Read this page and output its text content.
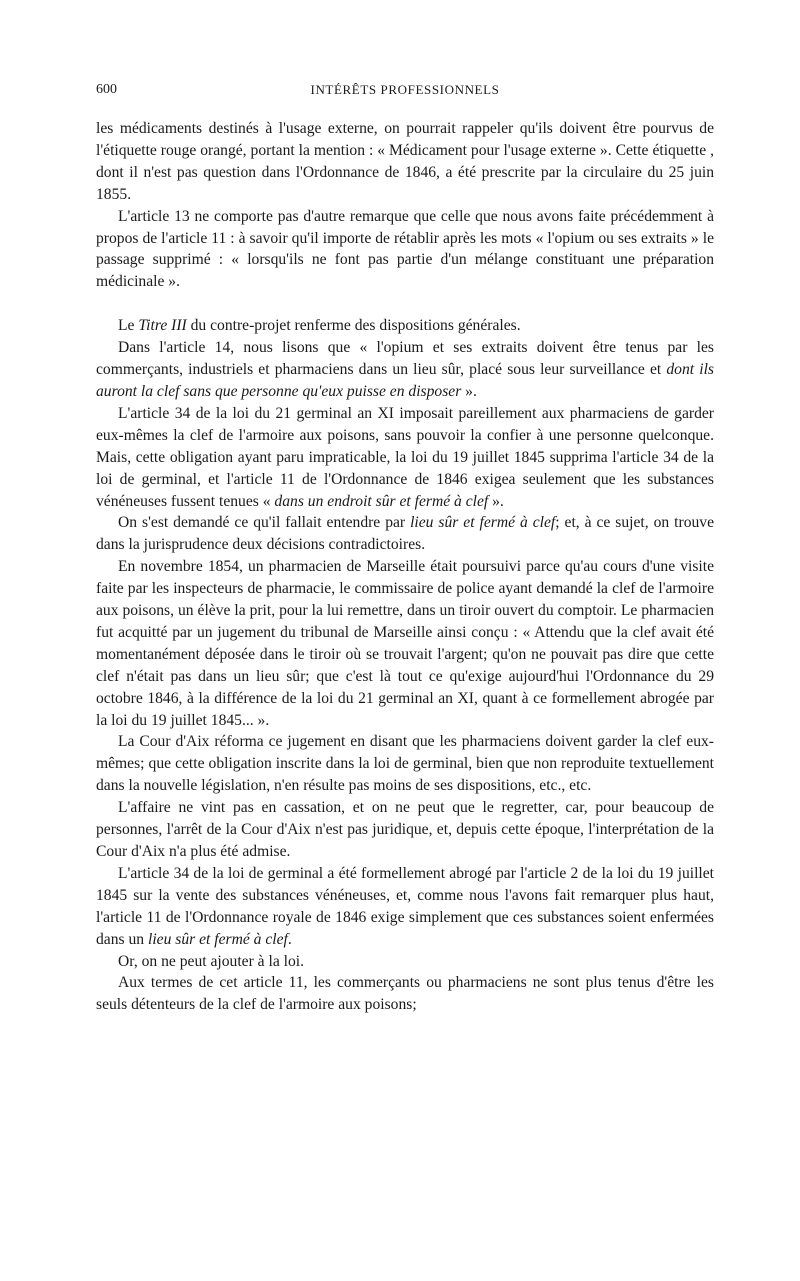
600	INTÉRÊTS PROFESSIONNELS

les médicaments destinés à l'usage externe, on pourrait rappeler qu'ils doivent être pourvus de l'étiquette rouge orangé, portant la mention : « Médicament pour l'usage externe ». Cette étiquette , dont il n'est pas question dans l'Ordonnance de 1846, a été prescrite par la circulaire du 25 juin 1855.

L'article 13 ne comporte pas d'autre remarque que celle que nous avons faite précédemment à propos de l'article 11 : à savoir qu'il importe de rétablir après les mots « l'opium ou ses extraits » le passage supprimé : « lorsqu'ils ne font pas partie d'un mélange constituant une préparation médicinale ».

Le Titre III du contre-projet renferme des dispositions générales.

Dans l'article 14, nous lisons que « l'opium et ses extraits doivent être tenus par les commerçants, industriels et pharmaciens dans un lieu sûr, placé sous leur surveillance et dont ils auront la clef sans que personne qu'eux puisse en disposer ».

L'article 34 de la loi du 21 germinal an XI imposait pareillement aux pharmaciens de garder eux-mêmes la clef de l'armoire aux poisons, sans pouvoir la confier à une personne quelconque. Mais, cette obligation ayant paru impraticable, la loi du 19 juillet 1845 supprima l'article 34 de la loi de germinal, et l'article 11 de l'Ordonnance de 1846 exigea seulement que les substances vénéneuses fussent tenues « dans un endroit sûr et fermé à clef ».

On s'est demandé ce qu'il fallait entendre par lieu sûr et fermé à clef; et, à ce sujet, on trouve dans la jurisprudence deux décisions contradictoires.

En novembre 1854, un pharmacien de Marseille était poursuivi parce qu'au cours d'une visite faite par les inspecteurs de pharmacie, le commissaire de police ayant demandé la clef de l'armoire aux poisons, un élève la prit, pour la lui remettre, dans un tiroir ouvert du comptoir. Le pharmacien fut acquitté par un jugement du tribunal de Marseille ainsi conçu : « Attendu que la clef avait été momentanément déposée dans le tiroir où se trouvait l'argent; qu'on ne pouvait pas dire que cette clef n'était pas dans un lieu sûr; que c'est là tout ce qu'exige aujourd'hui l'Ordonnance du 29 octobre 1846, à la différence de la loi du 21 germinal an XI, quant à ce formellement abrogée par la loi du 19 juillet 1845... ».

La Cour d'Aix réforma ce jugement en disant que les pharmaciens doivent garder la clef eux-mêmes; que cette obligation inscrite dans la loi de germinal, bien que non reproduite textuellement dans la nouvelle législation, n'en résulte pas moins de ses dispositions, etc., etc.

L'affaire ne vint pas en cassation, et on ne peut que le regretter, car, pour beaucoup de personnes, l'arrêt de la Cour d'Aix n'est pas juridique, et, depuis cette époque, l'interprétation de la Cour d'Aix n'a plus été admise.

L'article 34 de la loi de germinal a été formellement abrogé par l'article 2 de la loi du 19 juillet 1845 sur la vente des substances vénéneuses, et, comme nous l'avons fait remarquer plus haut, l'article 11 de l'Ordonnance royale de 1846 exige simplement que ces substances soient enfermées dans un lieu sûr et fermé à clef.

Or, on ne peut ajouter à la loi.

Aux termes de cet article 11, les commerçants ou pharmaciens ne sont plus tenus d'être les seuls détenteurs de la clef de l'armoire aux poisons;
